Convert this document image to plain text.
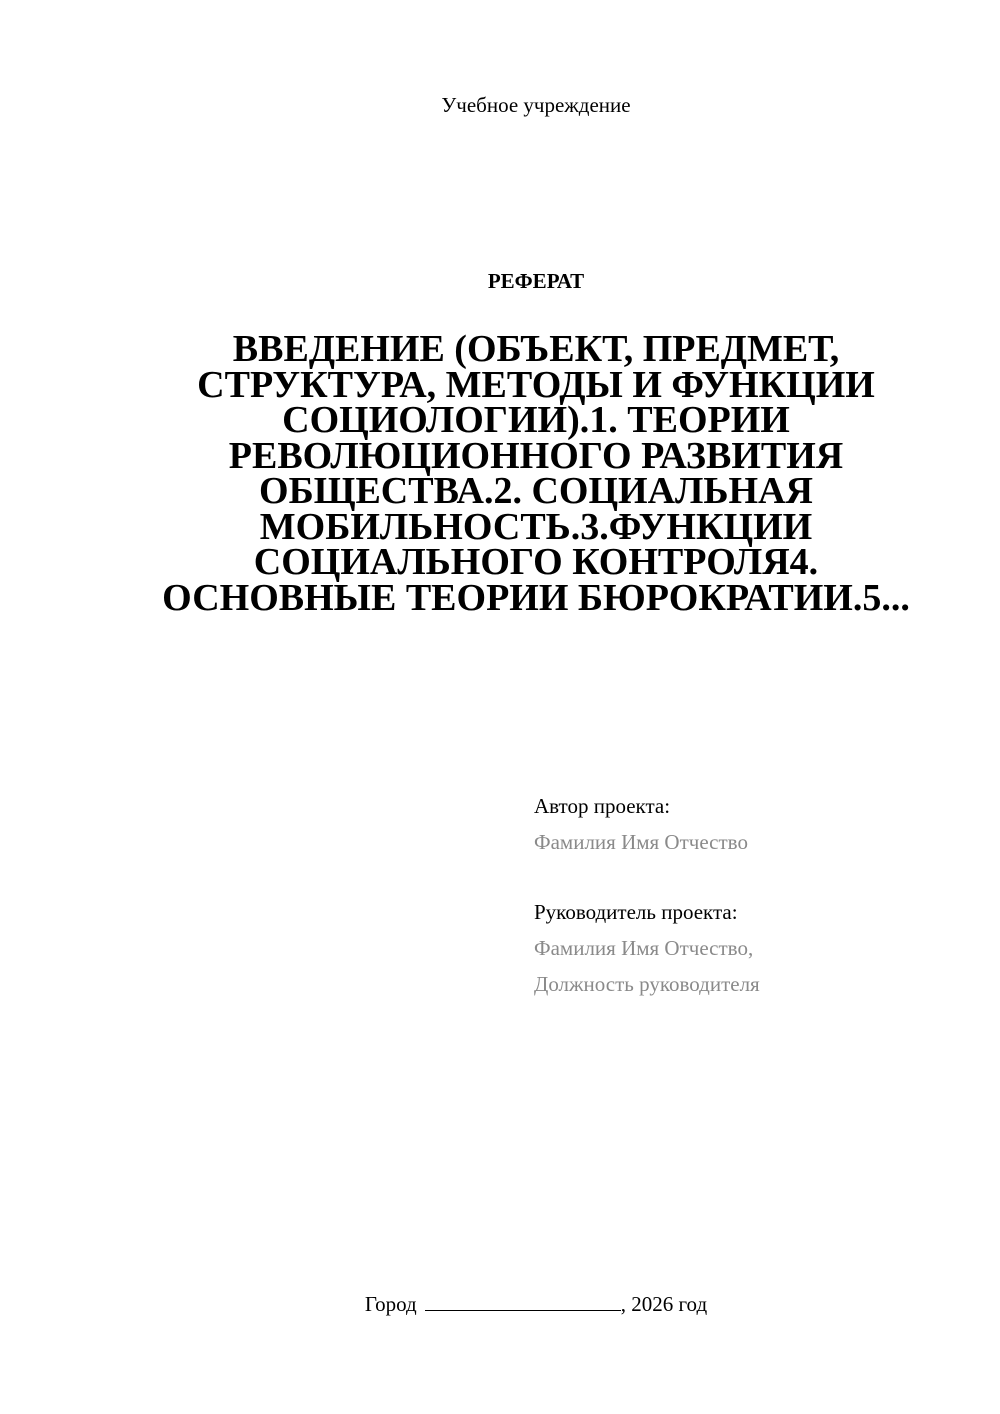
Учебное учреждение
РЕФЕРАТ
ВВЕДЕНИЕ (ОБЪЕКТ, ПРЕДМЕТ, СТРУКТУРА, МЕТОДЫ И ФУНКЦИИ СОЦИОЛОГИИ).1. ТЕОРИИ РЕВОЛЮЦИОННОГО РАЗВИТИЯ ОБЩЕСТВА.2. СОЦИАЛЬНАЯ МОБИЛЬНОСТЬ.3.ФУНКЦИИ СОЦИАЛЬНОГО КОНТРОЛЯ4. ОСНОВНЫЕ ТЕОРИИ БЮРОКРАТИИ.5...
Автор проекта:
Фамилия Имя Отчество
Руководитель проекта:
Фамилия Имя Отчество,
Должность руководителя
Город	, 2026 год
